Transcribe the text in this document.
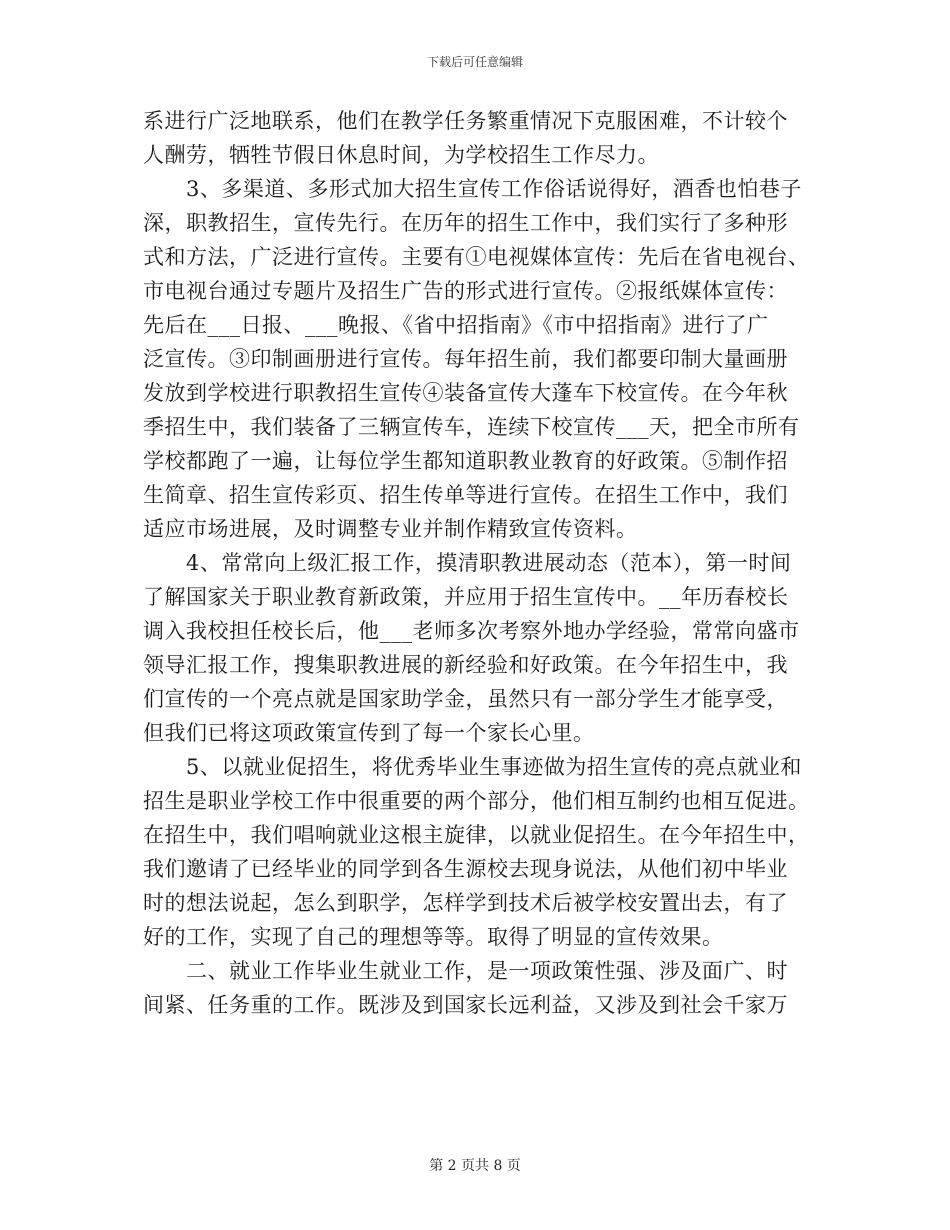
下载后可任意编辑
系进行广泛地联系，他们在教学任务繁重情况下克服困难，不计较个
人酬劳，牺牲节假日休息时间，为学校招生工作尽力。
　　3、多渠道、多形式加大招生宣传工作俗话说得好，酒香也怕巷子
深，职教招生，宣传先行。在历年的招生工作中，我们实行了多种形
式和方法，广泛进行宣传。主要有①电视媒体宣传：先后在省电视台、
市电视台通过专题片及招生广告的形式进行宣传。②报纸媒体宣传：
先后在___日报、___晚报、《省中招指南》《市中招指南》进行了广
泛宣传。③印制画册进行宣传。每年招生前，我们都要印制大量画册
发放到学校进行职教招生宣传④装备宣传大蓬车下校宣传。在今年秋
季招生中，我们装备了三辆宣传车，连续下校宣传___天，把全市所有
学校都跑了一遍，让每位学生都知道职教业教育的好政策。⑤制作招
生简章、招生宣传彩页、招生传单等进行宣传。在招生工作中，我们
适应市场进展，及时调整专业并制作精致宣传资料。
　　4、常常向上级汇报工作，摸清职教进展动态（范本），第一时间
了解国家关于职业教育新政策，并应用于招生宣传中。__年历春校长
调入我校担任校长后，他___老师多次考察外地办学经验，常常向盛市
领导汇报工作，搜集职教进展的新经验和好政策。在今年招生中，我
们宣传的一个亮点就是国家助学金，虽然只有一部分学生才能享受，
但我们已将这项政策宣传到了每一个家长心里。
　　5、以就业促招生，将优秀毕业生事迹做为招生宣传的亮点就业和
招生是职业学校工作中很重要的两个部分，他们相互制约也相互促进。
在招生中，我们唱响就业这根主旋律，以就业促招生。在今年招生中，
我们邀请了已经毕业的同学到各生源校去现身说法，从他们初中毕业
时的想法说起，怎么到职学，怎样学到技术后被学校安置出去，有了
好的工作，实现了自己的理想等等。取得了明显的宣传效果。
　　二、就业工作毕业生就业工作，是一项政策性强、涉及面广、时
间紧、任务重的工作。既涉及到国家长远利益，又涉及到社会千家万
第 2 页共 8 页
